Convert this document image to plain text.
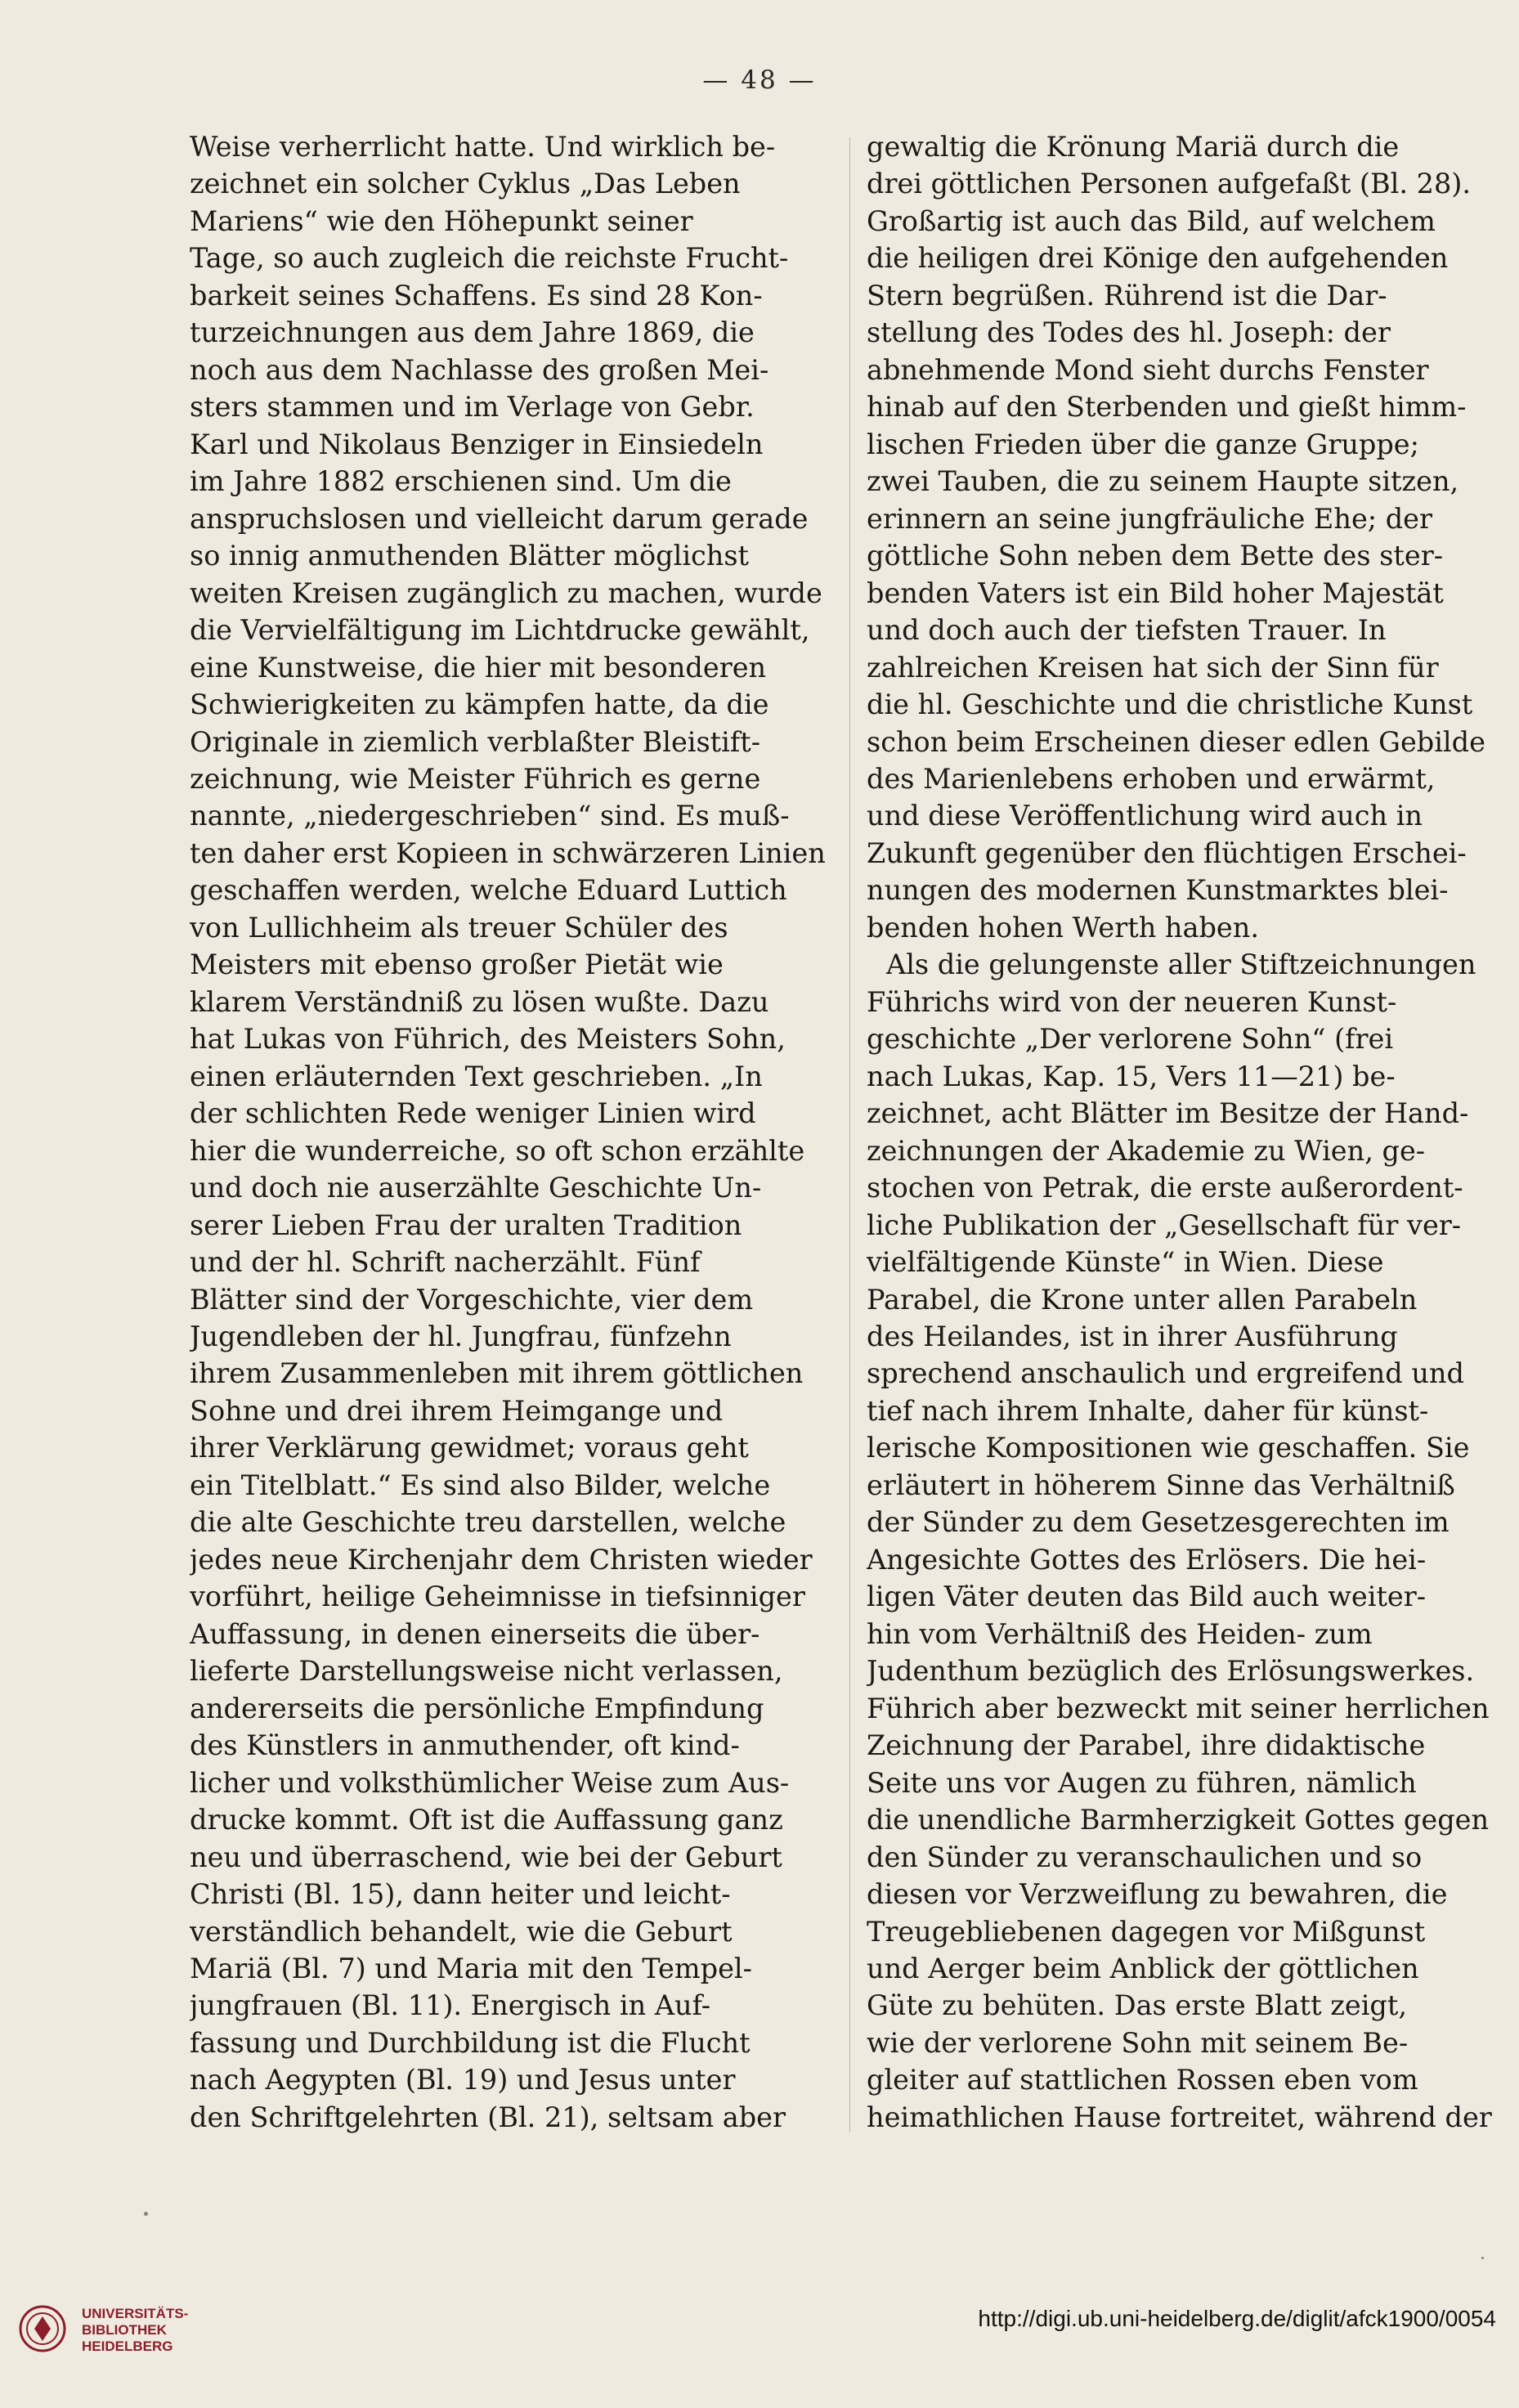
— 48 —
Weise verherrlicht hatte. Und wirklich be-
zeichnet ein solcher Cyklus „Das Leben
Mariens“ wie den Höhepunkt seiner
Tage, so auch zugleich die reichste Frucht-
barkeit seines Schaffens. Es sind 28 Kon-
turzeichnungen aus dem Jahre 1869, die
noch aus dem Nachlasse des großen Mei-
sters stammen und im Verlage von Gebr.
Karl und Nikolaus Benziger in Einsiedeln
im Jahre 1882 erschienen sind. Um die
anspruchslosen und vielleicht darum gerade
so innig anmuthenden Blätter möglichst
weiten Kreisen zugänglich zu machen, wurde
die Vervielfältigung im Lichtdrucke gewählt,
eine Kunstweise, die hier mit besonderen
Schwierigkeiten zu kämpfen hatte, da die
Originale in ziemlich verblaßter Bleistift-
zeichnung, wie Meister Führich es gerne
nannte, „niedergeschrieben“ sind. Es muß-
ten daher erst Kopieen in schwärzeren Linien
geschaffen werden, welche Eduard Luttich
von Lullichheim als treuer Schüler des
Meisters mit ebenso großer Pietät wie
klarem Verständniß zu lösen wußte. Dazu
hat Lukas von Führich, des Meisters Sohn,
einen erläuternden Text geschrieben. „In
der schlichten Rede weniger Linien wird
hier die wunderreiche, so oft schon erzählte
und doch nie auserzählte Geschichte Un-
serer Lieben Frau der uralten Tradition
und der hl. Schrift nacherzählt. Fünf
Blätter sind der Vorgeschichte, vier dem
Jugendleben der hl. Jungfrau, fünfzehn
ihrem Zusammenleben mit ihrem göttlichen
Sohne und drei ihrem Heimgange und
ihrer Verklärung gewidmet; voraus geht
ein Titelblatt.“ Es sind also Bilder, welche
die alte Geschichte treu darstellen, welche
jedes neue Kirchenjahr dem Christen wieder
vorführt, heilige Geheimnisse in tiefsinniger
Auffassung, in denen einerseits die über-
lieferte Darstellungsweise nicht verlassen,
andererseits die persönliche Empfindung
des Künstlers in anmuthender, oft kind-
licher und volksthümlicher Weise zum Aus-
drucke kommt. Oft ist die Auffassung ganz
neu und überraschend, wie bei der Geburt
Christi (Bl. 15), dann heiter und leicht-
verständlich behandelt, wie die Geburt
Mariä (Bl. 7) und Maria mit den Tempel-
jungfrauen (Bl. 11). Energisch in Auf-
fassung und Durchbildung ist die Flucht
nach Aegypten (Bl. 19) und Jesus unter
den Schriftgelehrten (Bl. 21), seltsam aber
gewaltig die Krönung Mariä durch die
drei göttlichen Personen aufgefaßt (Bl. 28).
Großartig ist auch das Bild, auf welchem
die heiligen drei Könige den aufgehenden
Stern begrüßen. Rührend ist die Dar-
stellung des Todes des hl. Joseph: der
abnehmende Mond sieht durchs Fenster
hinab auf den Sterbenden und gießt himm-
lischen Frieden über die ganze Gruppe;
zwei Tauben, die zu seinem Haupte sitzen,
erinnern an seine jungfräuliche Ehe; der
göttliche Sohn neben dem Bette des ster-
benden Vaters ist ein Bild hoher Majestät
und doch auch der tiefsten Trauer. In
zahlreichen Kreisen hat sich der Sinn für
die hl. Geschichte und die christliche Kunst
schon beim Erscheinen dieser edlen Gebilde
des Marienlebens erhoben und erwärmt,
und diese Veröffentlichung wird auch in
Zukunft gegenüber den flüchtigen Erschei-
nungen des modernen Kunstmarktes blei-
benden hohen Werth haben.
Als die gelungenste aller Stiftzeichnungen
Führichs wird von der neueren Kunst-
geschichte „Der verlorene Sohn“ (frei
nach Lukas, Kap. 15, Vers 11—21) be-
zeichnet, acht Blätter im Besitze der Hand-
zeichnungen der Akademie zu Wien, ge-
stochen von Petrak, die erste außerordent-
liche Publikation der „Gesellschaft für ver-
vielfältigende Künste“ in Wien. Diese
Parabel, die Krone unter allen Parabeln
des Heilandes, ist in ihrer Ausführung
sprechend anschaulich und ergreifend und
tief nach ihrem Inhalte, daher für künst-
lerische Kompositionen wie geschaffen. Sie
erläutert in höherem Sinne das Verhältniß
der Sünder zu dem Gesetzesgerechten im
Angesichte Gottes des Erlösers. Die hei-
ligen Väter deuten das Bild auch weiter-
hin vom Verhältniß des Heiden- zum
Judenthum bezüglich des Erlösungswerkes.
Führich aber bezweckt mit seiner herrlichen
Zeichnung der Parabel, ihre didaktische
Seite uns vor Augen zu führen, nämlich
die unendliche Barmherzigkeit Gottes gegen
den Sünder zu veranschaulichen und so
diesen vor Verzweiflung zu bewahren, die
Treugebliebenen dagegen vor Mißgunst
und Aerger beim Anblick der göttlichen
Güte zu behüten. Das erste Blatt zeigt,
wie der verlorene Sohn mit seinem Be-
gleiter auf stattlichen Rossen eben vom
heimathlichen Hause fortreitet, während der
UNIVERSITÄTS-
BIBLIOTHEK
HEIDELBERG
http://digi.ub.uni-heidelberg.de/diglit/afck1900/0054
